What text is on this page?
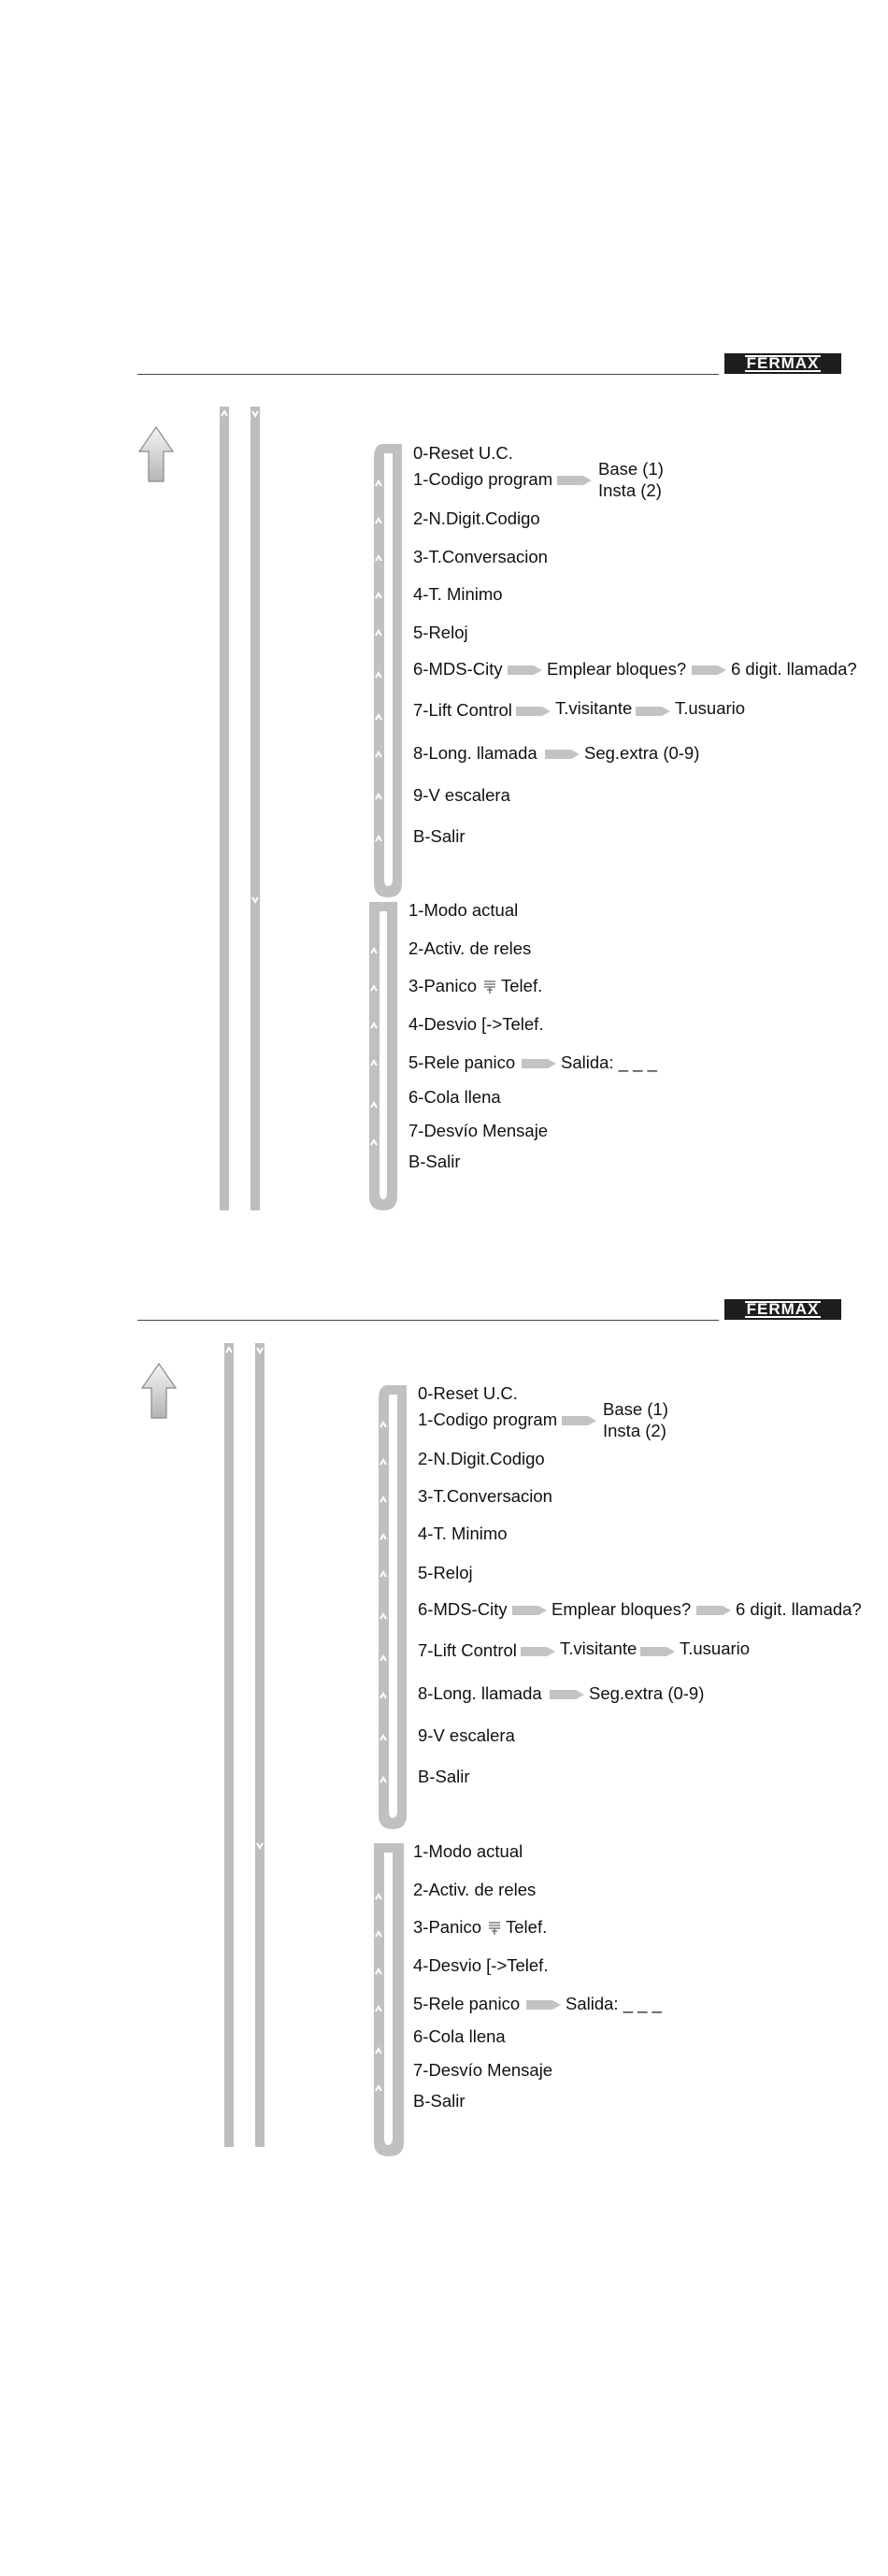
FERMAX
0-Reset U.C.
1-Codigo program
Base (1)
Insta (2)
2-N.Digit.Codigo
3-T.Conversacion
4-T. Minimo
5-Reloj
6-MDS-City	Emplear bloques?	6 digit. llamada?
7-Lift Control T.visitante T.usuario
8-Long. llamada	Seg.extra (0-9)
9-V escalera
B-Salir
1-Modo actual
2-Activ. de reles
3-Panico Telef.
4-Desvio [->Telef.
5-Rele panico	Salida: _ _ _
6-Cola llena
7-Desvío Mensaje
B-Salir
FERMAX
0-Reset U.C.
1-Codigo program
Base (1)
Insta (2)
2-N.Digit.Codigo
3-T.Conversacion
4-T. Minimo
5-Reloj
6-MDS-City	Emplear bloques?	6 digit. llamada?
7-Lift Control T.visitante T.usuario
8-Long. llamada	Seg.extra (0-9)
9-V escalera
B-Salir
1-Modo actual
2-Activ. de reles
3-Panico Telef.
4-Desvio [->Telef.
5-Rele panico	Salida: _ _ _
6-Cola llena
7-Desvío Mensaje
B-Salir
